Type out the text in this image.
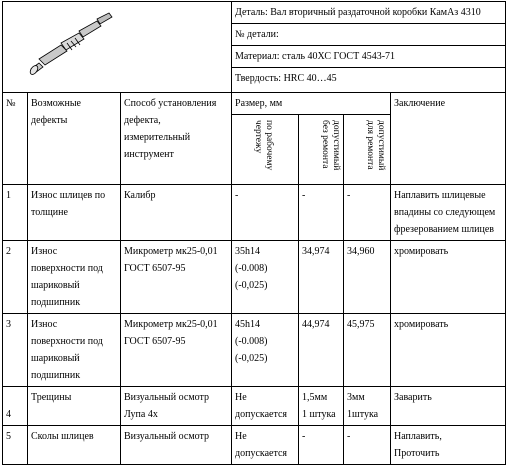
	Деталь: Вал вторичный раздаточной коробки КамАз 4310			
			№ детали:			
			Материал: сталь 40ХС ГОСТ 4543-71			
			Твердость: HRC 40…45			
№	Возможные
дефекты	Способ установления
дефекта,
измерительный
инструмент	Размер, мм			Заключение

			по рабочему
чертежу	допустимый
без ремонта	допустимый
для ремонта	

1	Износ шлицев по
толщине	Калибр	-	-	-	Наплавить шлицевые
впадины со следующем
фрезерованием шлицев
2	Износ
поверхности под
шариковый
подшипник	Микрометр мк25-0,01
ГОСТ 6507-95	35h14
(-0.008)
(-0,025)	34,974	34,960	хромировать
3	Износ
поверхности под
шариковый
подшипник	Микрометр мк25-0,01
ГОСТ 6507-95	45h14
(-0.008)
(-0,025)	44,974	45,975	хромировать
4	Трещины	Визуальный осмотр
Лупа 4х	Не
допускается	1,5мм
1 штука	3мм
1штука	Заварить
5	Сколы шлицев	Визуальный осмотр	Не
допускается	-	-	Наплавить,
Проточить
